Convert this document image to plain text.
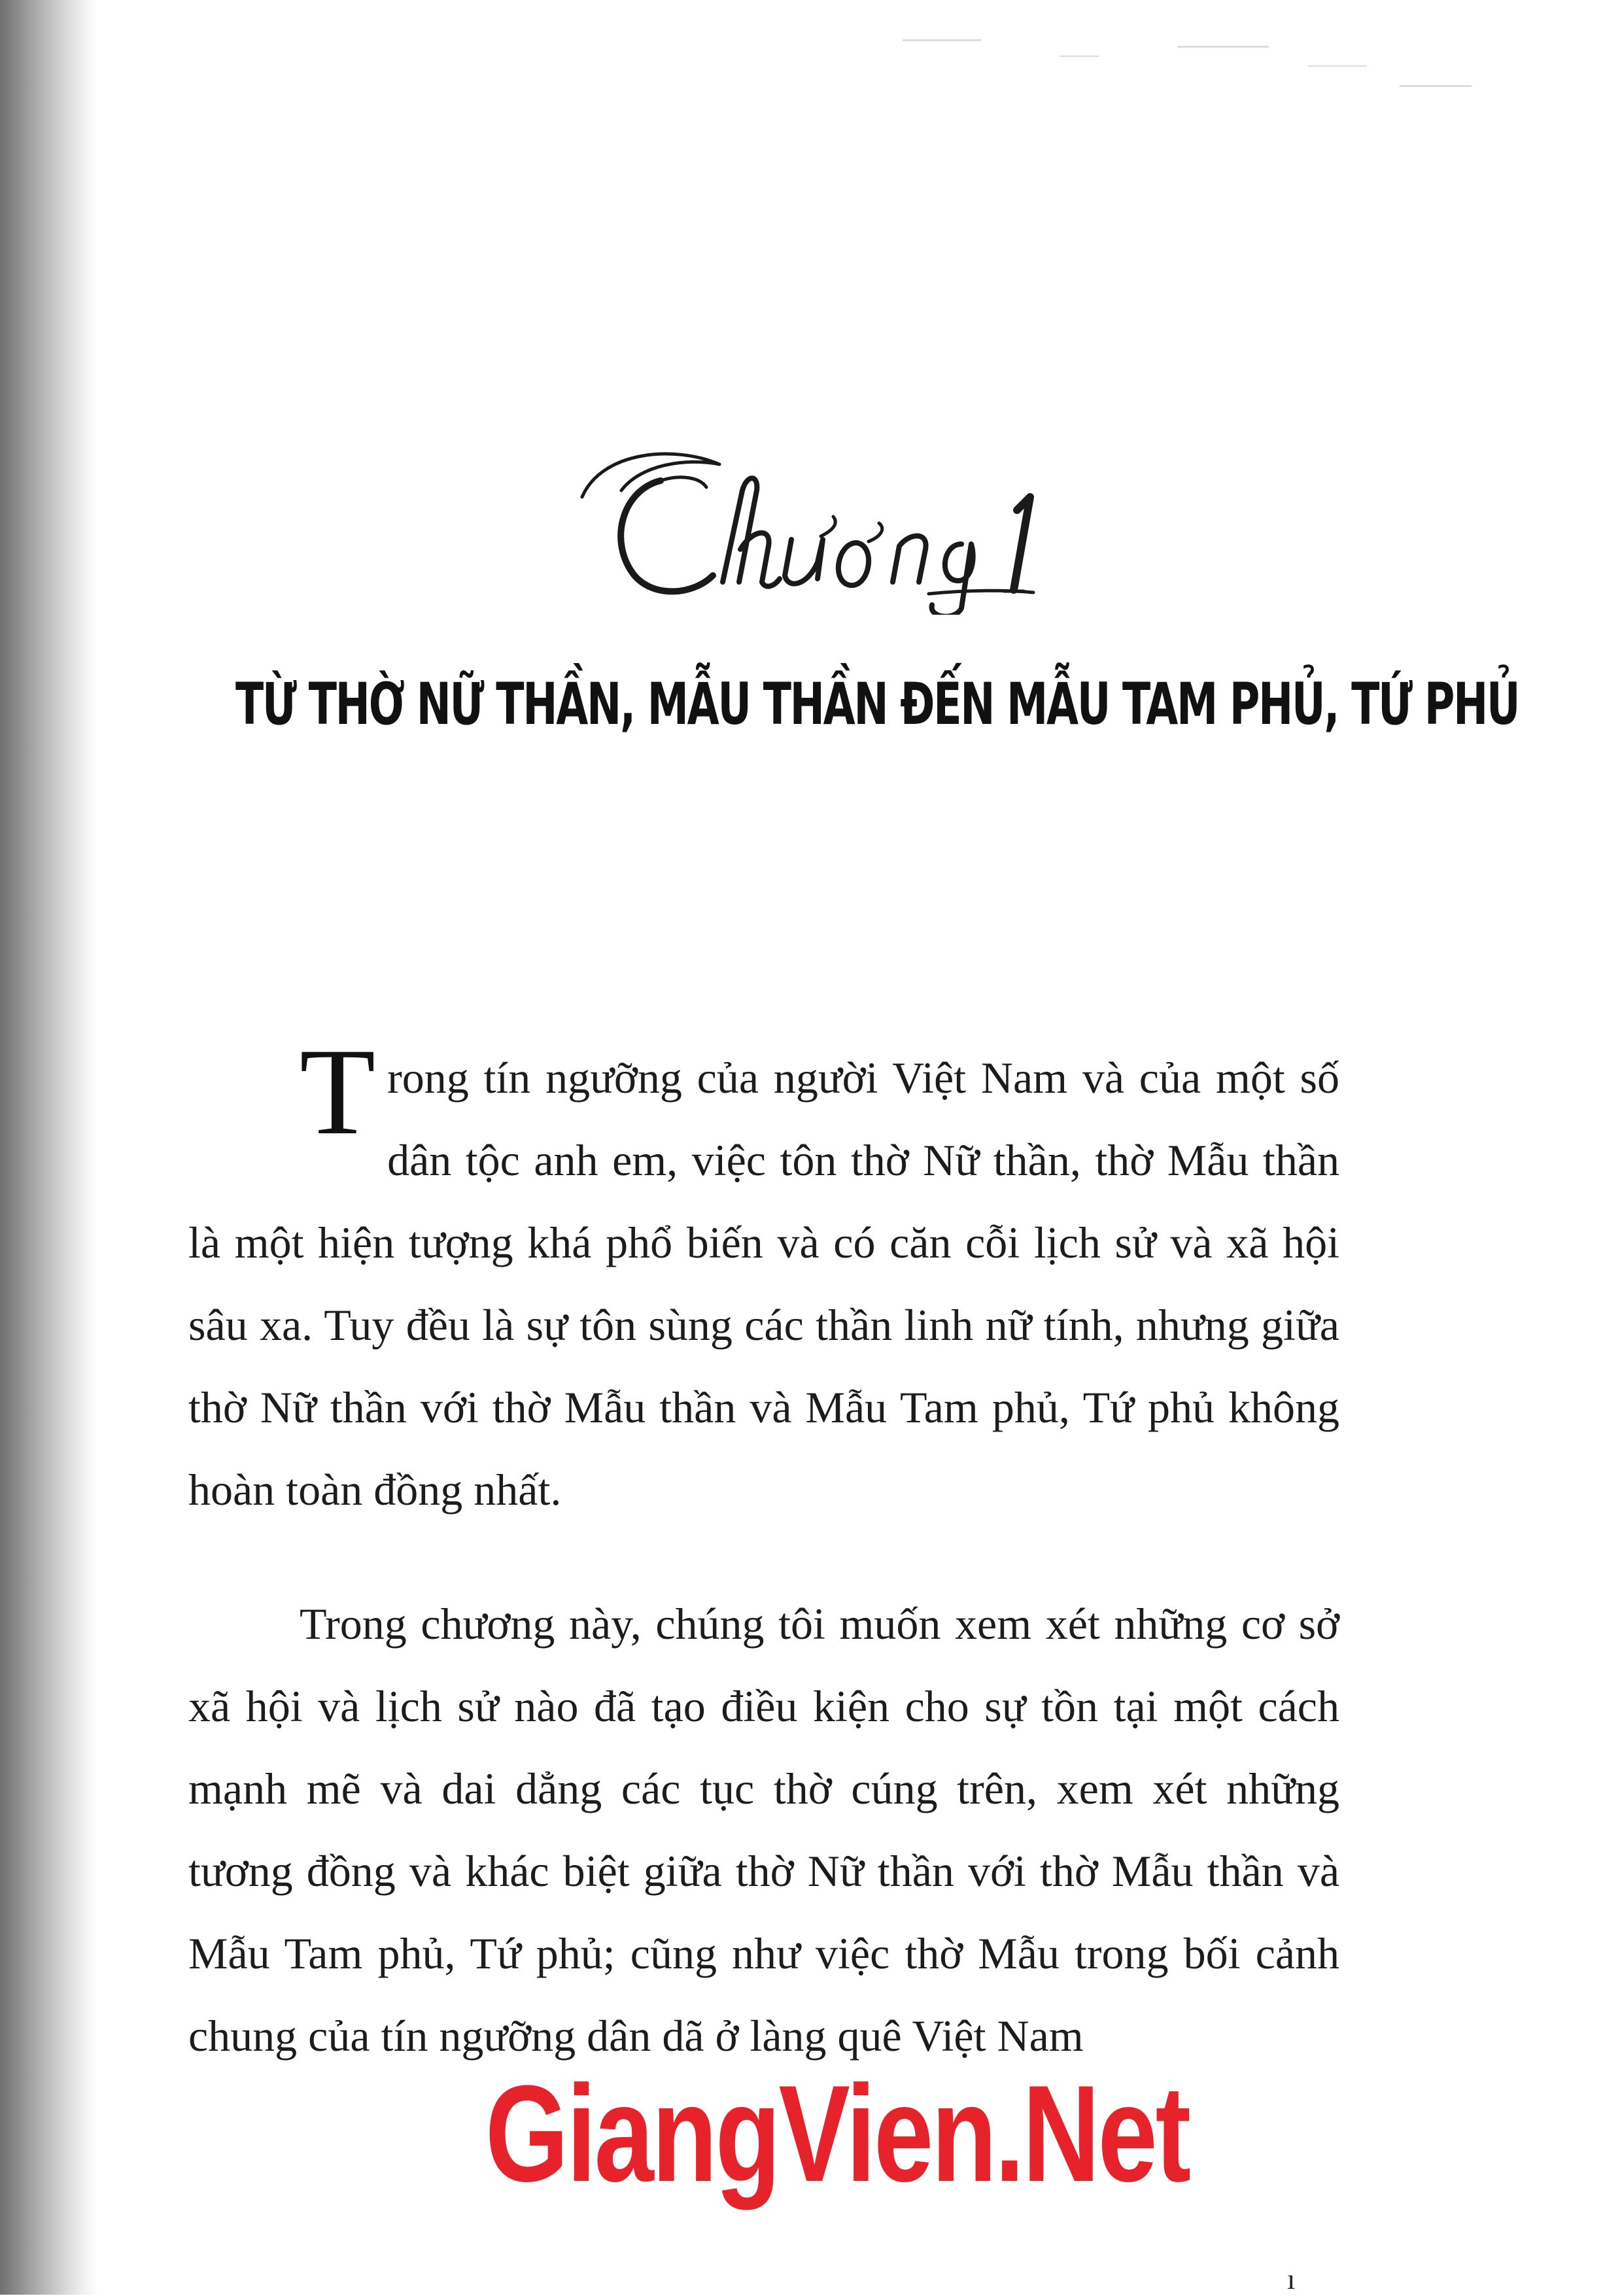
TỪ THỜ NỮ THẦN, MẪU THẦN ĐẾN MẪU TAM PHỦ, TỨ PHỦ
Trong tín ngưỡng của người Việt Nam và của một số dân tộc anh em, việc tôn thờ Nữ thần, thờ Mẫu thần là một hiện tượng khá phổ biến và có căn cỗi lịch sử và xã hội sâu xa. Tuy đều là sự tôn sùng các thần linh nữ tính, nhưng giữa thờ Nữ thần với thờ Mẫu thần và Mẫu Tam phủ, Tứ phủ không hoàn toàn đồng nhất.
Trong chương này, chúng tôi muốn xem xét những cơ sở xã hội và lịch sử nào đã tạo điều kiện cho sự tồn tại một cách mạnh mẽ và dai dẳng các tục thờ cúng trên, xem xét những tương đồng và khác biệt giữa thờ Nữ thần với thờ Mẫu thần và Mẫu Tam phủ, Tứ phủ; cũng như việc thờ Mẫu trong bối cảnh chung của tín ngưỡng dân dã ở làng quê Việt Nam
GiangVien.Net
ı
